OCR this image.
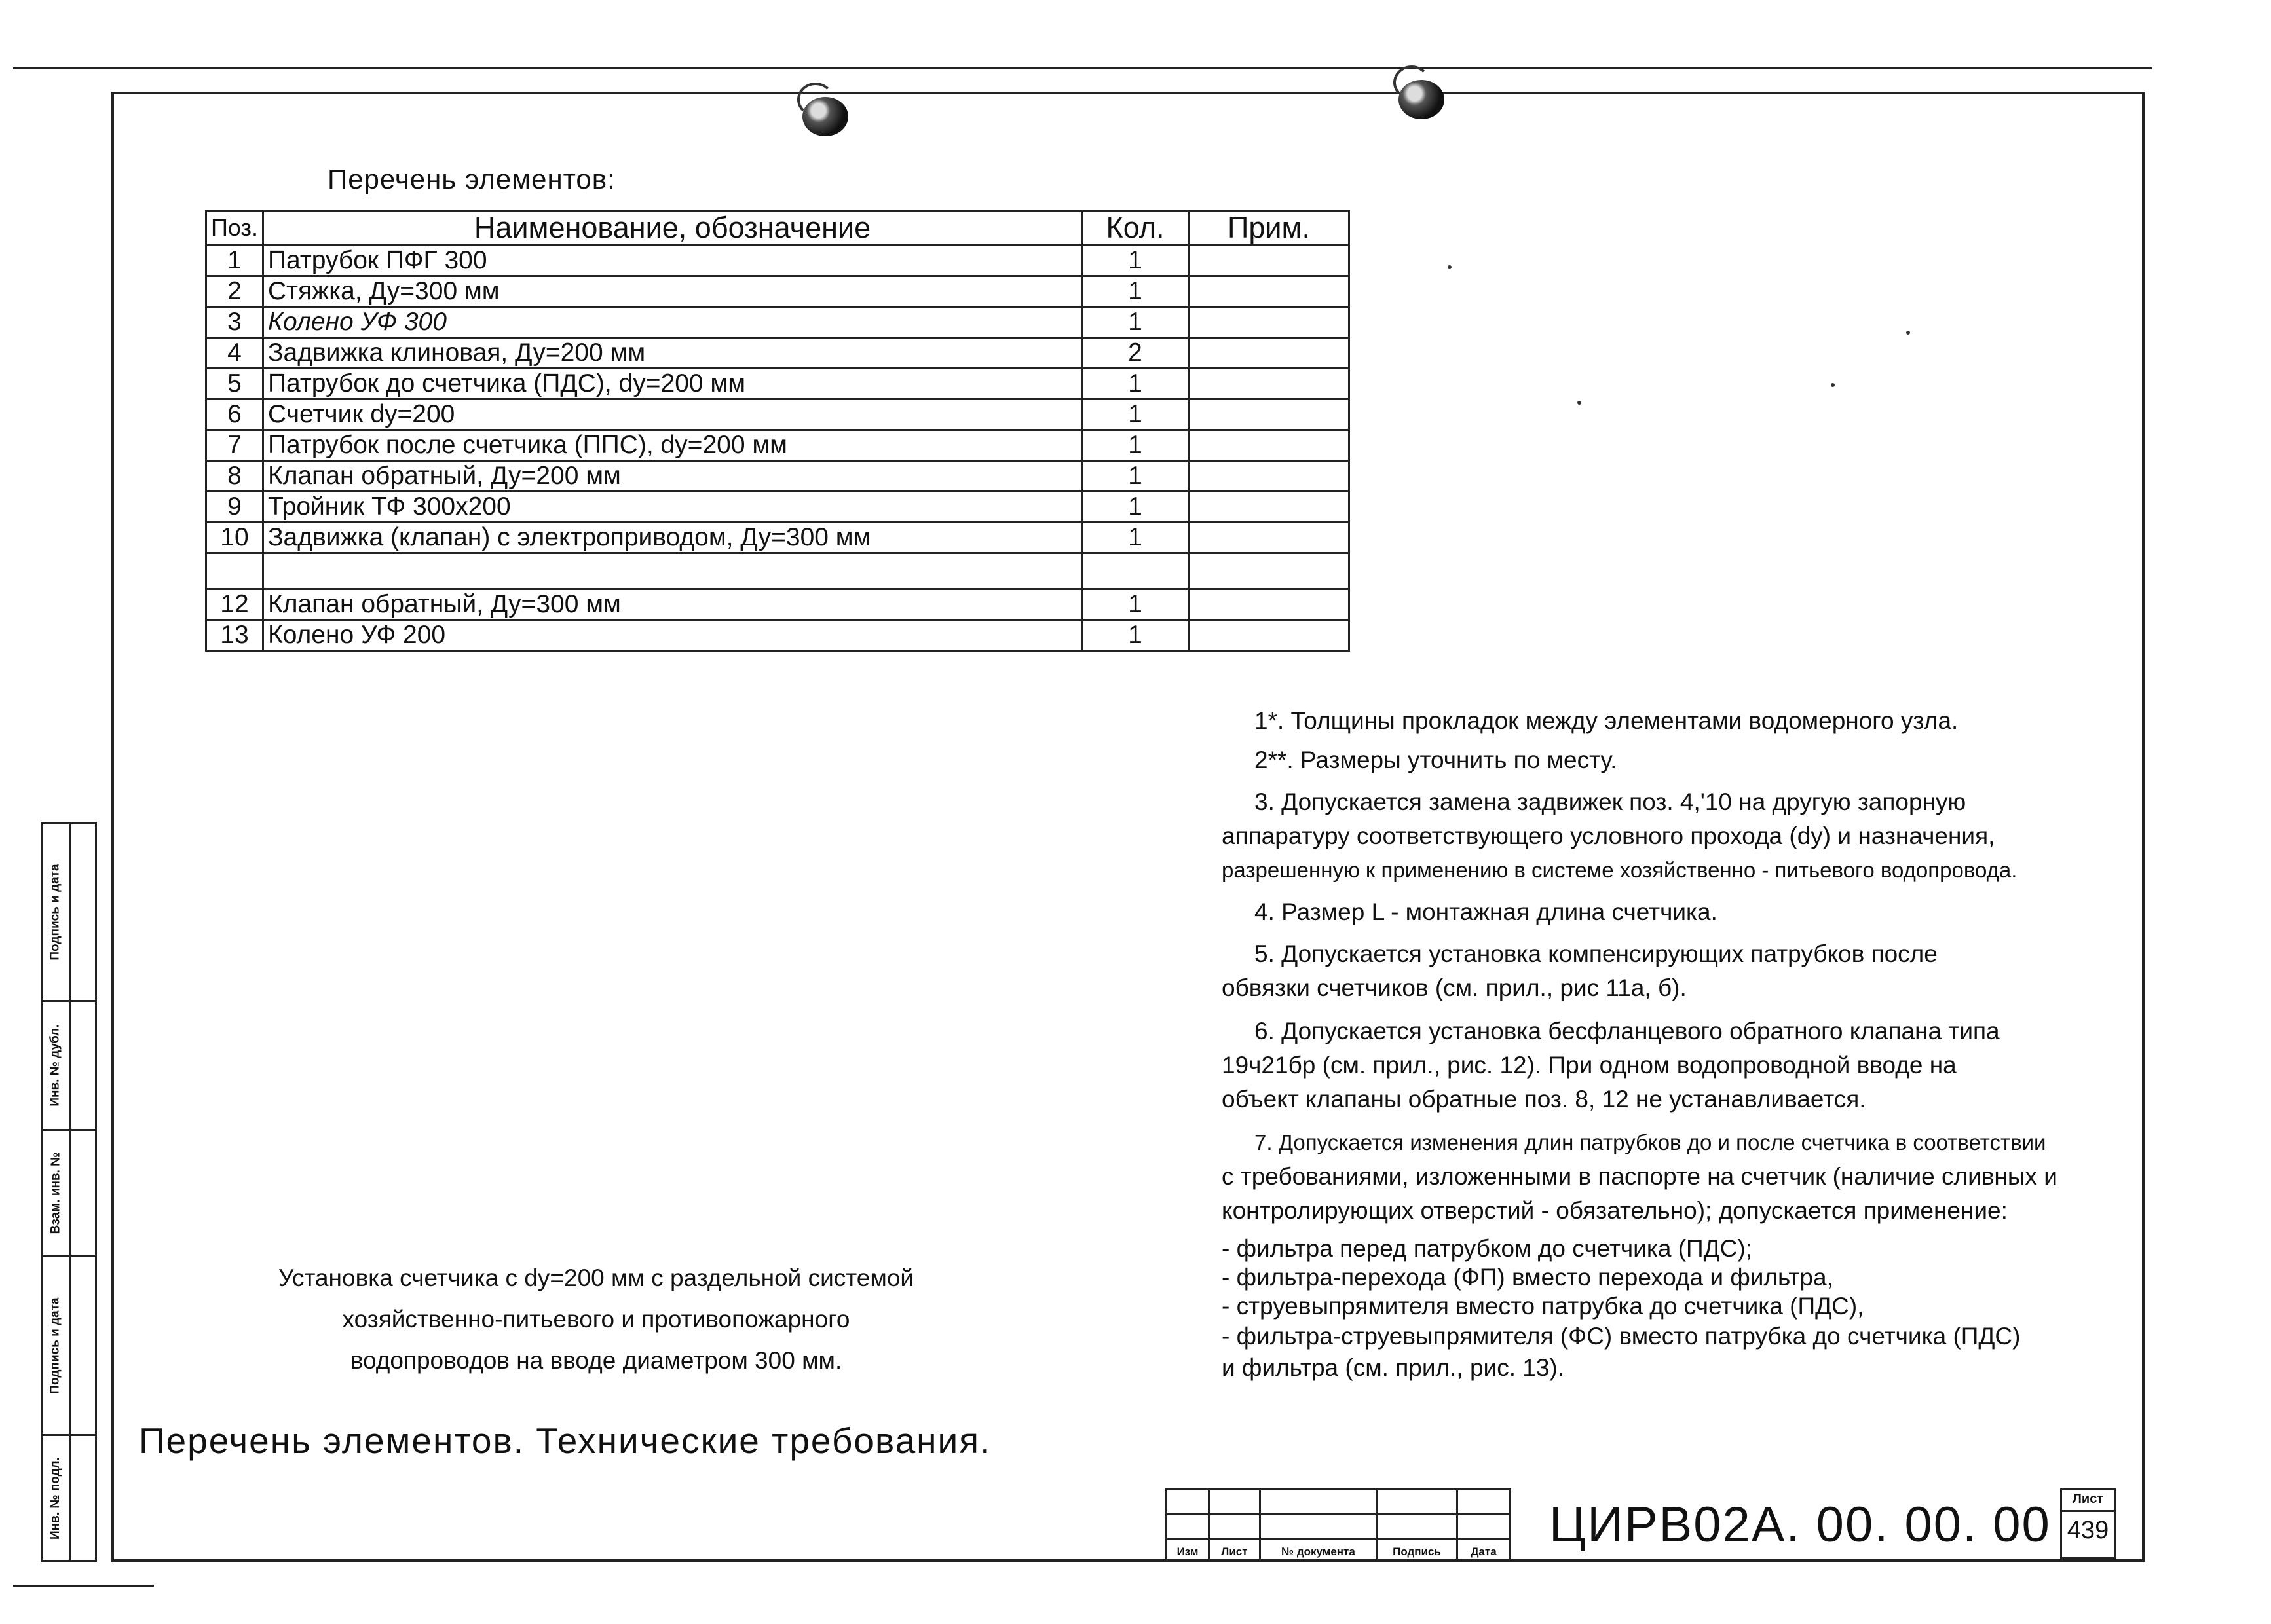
Перечень элементов:
Поз.	Наименование, обозначение	Кол.	Прим.
1	Патрубок ПФГ 300	1	
2	Стяжка, Ду=300 мм	1	
3	Колено УФ 300	1	
4	Задвижка клиновая, Ду=200 мм	2	
5	Патрубок до счетчика (ПДС), dy=200 мм	1	
6	Счетчик dy=200	1	
7	Патрубок после счетчика (ППС), dy=200 мм	1	
8	Клапан обратный, Ду=200 мм	1	
9	Тройник ТФ 300х200	1	
10	Задвижка (клапан) с электроприводом, Ду=300 мм	1	

12	Клапан обратный, Ду=300 мм	1	
13	Колено УФ 200	1	

1*. Толщины прокладок между элементами водомерного узла.

2**. Размеры уточнить по месту.

3. Допускается замена задвижек поз. 4,'10 на другую запорную

аппаратуру соответствующего условного прохода (dy) и назначения,

разрешенную к применению в системе хозяйственно - питьевого водопровода.

4. Размер L - монтажная длина счетчика.

5. Допускается установка компенсирующих патрубков после

обвязки счетчиков (см. прил., рис 11а, б).

6. Допускается установка бесфланцевого обратного клапана типа

19ч21бр (см. прил., рис. 12). При одном водопроводной вводе на

объект клапаны обратные поз. 8, 12 не устанавливается.

7. Допускается изменения длин патрубков до и после счетчика в соответствии

с требованиями, изложенными в паспорте на счетчик (наличие сливных и

контролирующих отверстий - обязательно); допускается применение:

- фильтра перед патрубком до счетчика (ПДС);

- фильтра-перехода (ФП) вместо перехода и фильтра,

- струевыпрямителя вместо патрубка до счетчика (ПДС),

- фильтра-струевыпрямителя (ФС) вместо патрубка до счетчика (ПДС)

и фильтра (см. прил., рис. 13).

Установка счетчика с dy=200 мм с раздельной системой
хозяйственно-питьевого и противопожарного
водопроводов на вводе диаметром 300 мм.
Перечень элементов. Технические требования.
Подпись и дата
Инв. № дубл.
Взам. инв. №
Подпись и дата
Инв. № подл.

Изм	Лист	№ документа	Подпись	Дата ЦИРВ02А. 00. 00. 00	Лист
439
